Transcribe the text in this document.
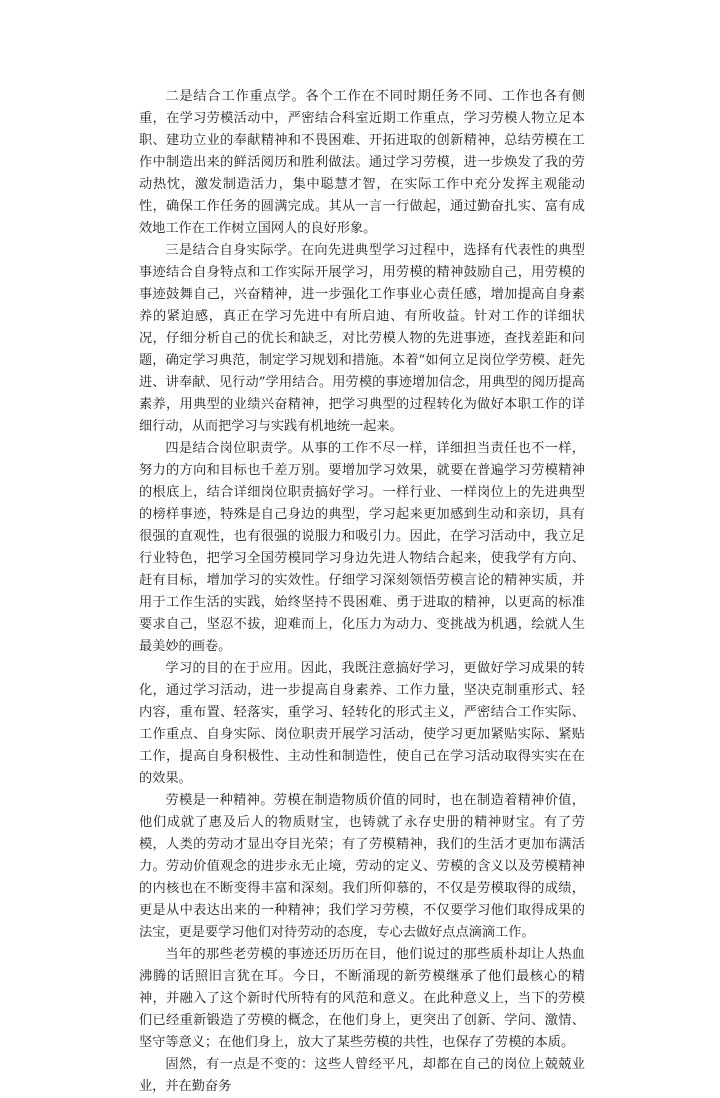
二是结合工作重点学。各个工作在不同时期任务不同、工作也各有侧重，在学习劳模活动中，严密结合科室近期工作重点，学习劳模人物立足本职、建功立业的奉献精神和不畏困难、开拓进取的创新精神，总结劳模在工作中制造出来的鲜活阅历和胜利做法。通过学习劳模，进一步焕发了我的劳动热忱，激发制造活力，集中聪慧才智，在实际工作中充分发挥主观能动性，确保工作任务的圆满完成。其从一言一行做起，通过勤奋扎实、富有成效地工作在工作树立国网人的良好形象。

三是结合自身实际学。在向先进典型学习过程中，选择有代表性的典型事迹结合自身特点和工作实际开展学习，用劳模的精神鼓励自己，用劳模的事迹鼓舞自己，兴奋精神，进一步强化工作事业心责任感，增加提高自身素养的紧迫感，真正在学习先进中有所启迪、有所收益。针对工作的详细状况，仔细分析自己的优长和缺乏，对比劳模人物的先进事迹，查找差距和问题，确定学习典范，制定学习规划和措施。本着“如何立足岗位学劳模、赶先进、讲奉献、见行动”学用结合。用劳模的事迹增加信念，用典型的阅历提高素养，用典型的业绩兴奋精神，把学习典型的过程转化为做好本职工作的详细行动，从而把学习与实践有机地统一起来。

四是结合岗位职责学。从事的工作不尽一样，详细担当责任也不一样，努力的方向和目标也千差万别。要增加学习效果，就要在普遍学习劳模精神的根底上，结合详细岗位职责搞好学习。一样行业、一样岗位上的先进典型的榜样事迹，特殊是自己身边的典型，学习起来更加感到生动和亲切，具有很强的直观性，也有很强的说服力和吸引力。因此，在学习活动中，我立足行业特色，把学习全国劳模同学习身边先进人物结合起来，使我学有方向、赶有目标，增加学习的实效性。仔细学习深刻领悟劳模言论的精神实质，并用于工作生活的实践，始终坚持不畏困难、勇于进取的精神，以更高的标准要求自己，坚忍不拔，迎难而上，化压力为动力、变挑战为机遇，绘就人生最美妙的画卷。

学习的目的在于应用。因此，我既注意搞好学习，更做好学习成果的转化，通过学习活动，进一步提高自身素养、工作力量，坚决克制重形式、轻内容，重布置、轻落实，重学习、轻转化的形式主义，严密结合工作实际、工作重点、自身实际、岗位职责开展学习活动，使学习更加紧贴实际、紧贴工作，提高自身积极性、主动性和制造性，使自己在学习活动取得实实在在的效果。

劳模是一种精神。劳模在制造物质价值的同时，也在制造着精神价值，他们成就了惠及后人的物质财宝，也铸就了永存史册的精神财宝。有了劳模，人类的劳动才显出夺目光荣；有了劳模精神，我们的生活才更加布满活力。劳动价值观念的进步永无止境，劳动的定义、劳模的含义以及劳模精神的内核也在不断变得丰富和深刻。我们所仰慕的，不仅是劳模取得的成绩，更是从中表达出来的一种精神；我们学习劳模，不仅要学习他们取得成果的法宝，更是要学习他们对待劳动的态度，专心去做好点点滴滴工作。

当年的那些老劳模的事迹还历历在目，他们说过的那些质朴却让人热血沸腾的话照旧言犹在耳。今日，不断涌现的新劳模继承了他们最核心的精神，并融入了这个新时代所特有的风范和意义。在此种意义上，当下的劳模们已经重新锻造了劳模的概念，在他们身上，更突出了创新、学问、激情、坚守等意义；在他们身上，放大了某些劳模的共性，也保存了劳模的本质。

固然，有一点是不变的：这些人曾经平凡，却都在自己的岗位上兢兢业业，并在勤奋务
